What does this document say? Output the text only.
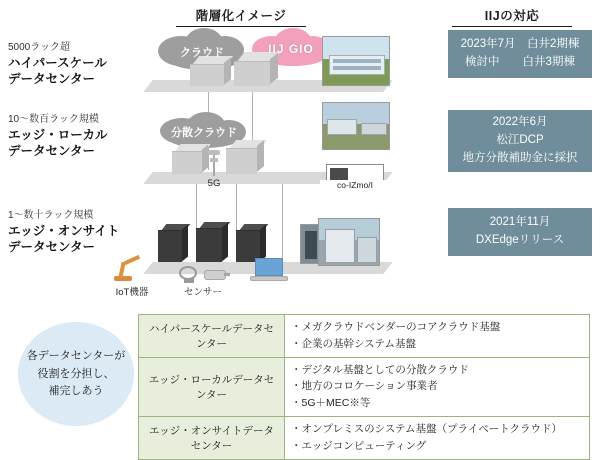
階層化イメージ	IIJの対応
5000ラック超
ハイパースケール
データセンター
10〜数百ラック規模
エッジ・ローカル
データセンター
1〜数十ラック規模
エッジ・オンサイト
データセンター
クラウド	IIJ GIO
分散クラウド
5G
	co-IZmo/I
IoT機器	センサー
2023年7月　白井2期棟
検討中　　白井3期棟
2022年6月
松江DCP
地方分散補助金に採択
2021年11月
DXEdgeリリース
各データセンターが
役割を分担し、
補完しあう
ハイパースケールデータセンター	
・ メガクラウドベンダーのコアクラウド基盤
・ 企業の基幹システム基盤

エッジ・ローカルデータセンター	
・ デジタル基盤としての分散クラウド
・ 地方のコロケーション事業者
・ 5G＋MEC※等

エッジ・オンサイトデータセンター	
・ オンプレミスのシステム基盤（プライベートクラウド）
・ エッジコンピューティング
